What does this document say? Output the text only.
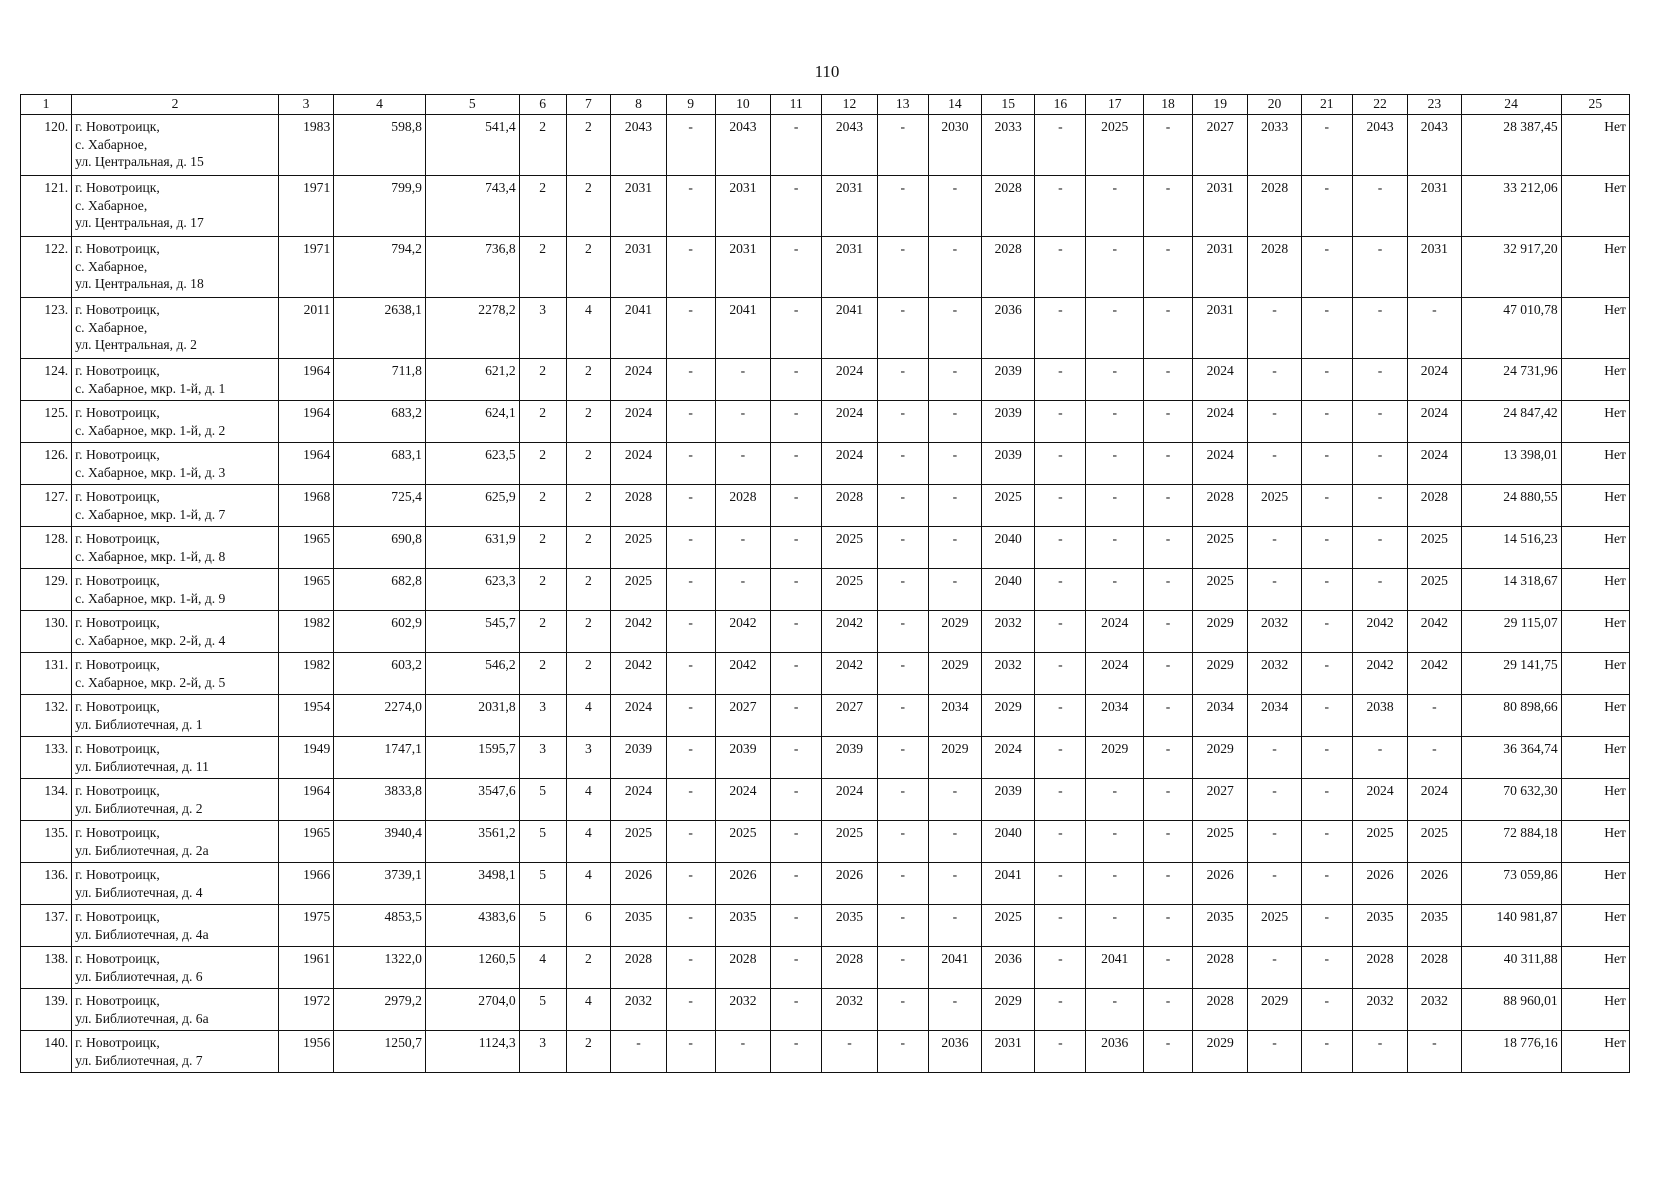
110
1	2	3	4	5	6	7	8	9	10	11	12	13	14	15	16	17	18	19	20	21	22	23	24	25
120.	г. Новотроицк,
с. Хабарное,
ул. Центральная, д. 15	1983	598,8	541,4	2	2	2043	-	2043	-	2043	-	2030	2033	-	2025	-	2027	2033	-	2043	2043	28 387,45	Нет
121.	г. Новотроицк,
с. Хабарное,
ул. Центральная, д. 17	1971	799,9	743,4	2	2	2031	-	2031	-	2031	-	-	2028	-	-	-	2031	2028	-	-	2031	33 212,06	Нет
122.	г. Новотроицк,
с. Хабарное,
ул. Центральная, д. 18	1971	794,2	736,8	2	2	2031	-	2031	-	2031	-	-	2028	-	-	-	2031	2028	-	-	2031	32 917,20	Нет
123.	г. Новотроицк,
с. Хабарное,
ул. Центральная, д. 2	2011	2638,1	2278,2	3	4	2041	-	2041	-	2041	-	-	2036	-	-	-	2031	-	-	-	-	47 010,78	Нет
124.	г. Новотроицк,
с. Хабарное, мкр. 1-й, д. 1	1964	711,8	621,2	2	2	2024	-	-	-	2024	-	-	2039	-	-	-	2024	-	-	-	2024	24 731,96	Нет
125.	г. Новотроицк,
с. Хабарное, мкр. 1-й, д. 2	1964	683,2	624,1	2	2	2024	-	-	-	2024	-	-	2039	-	-	-	2024	-	-	-	2024	24 847,42	Нет
126.	г. Новотроицк,
с. Хабарное, мкр. 1-й, д. 3	1964	683,1	623,5	2	2	2024	-	-	-	2024	-	-	2039	-	-	-	2024	-	-	-	2024	13 398,01	Нет
127.	г. Новотроицк,
с. Хабарное, мкр. 1-й, д. 7	1968	725,4	625,9	2	2	2028	-	2028	-	2028	-	-	2025	-	-	-	2028	2025	-	-	2028	24 880,55	Нет
128.	г. Новотроицк,
с. Хабарное, мкр. 1-й, д. 8	1965	690,8	631,9	2	2	2025	-	-	-	2025	-	-	2040	-	-	-	2025	-	-	-	2025	14 516,23	Нет
129.	г. Новотроицк,
с. Хабарное, мкр. 1-й, д. 9	1965	682,8	623,3	2	2	2025	-	-	-	2025	-	-	2040	-	-	-	2025	-	-	-	2025	14 318,67	Нет
130.	г. Новотроицк,
с. Хабарное, мкр. 2-й, д. 4	1982	602,9	545,7	2	2	2042	-	2042	-	2042	-	2029	2032	-	2024	-	2029	2032	-	2042	2042	29 115,07	Нет
131.	г. Новотроицк,
с. Хабарное, мкр. 2-й, д. 5	1982	603,2	546,2	2	2	2042	-	2042	-	2042	-	2029	2032	-	2024	-	2029	2032	-	2042	2042	29 141,75	Нет
132.	г. Новотроицк,
ул. Библиотечная, д. 1	1954	2274,0	2031,8	3	4	2024	-	2027	-	2027	-	2034	2029	-	2034	-	2034	2034	-	2038	-	80 898,66	Нет
133.	г. Новотроицк,
ул. Библиотечная, д. 11	1949	1747,1	1595,7	3	3	2039	-	2039	-	2039	-	2029	2024	-	2029	-	2029	-	-	-	-	36 364,74	Нет
134.	г. Новотроицк,
ул. Библиотечная, д. 2	1964	3833,8	3547,6	5	4	2024	-	2024	-	2024	-	-	2039	-	-	-	2027	-	-	2024	2024	70 632,30	Нет
135.	г. Новотроицк,
ул. Библиотечная, д. 2а	1965	3940,4	3561,2	5	4	2025	-	2025	-	2025	-	-	2040	-	-	-	2025	-	-	2025	2025	72 884,18	Нет
136.	г. Новотроицк,
ул. Библиотечная, д. 4	1966	3739,1	3498,1	5	4	2026	-	2026	-	2026	-	-	2041	-	-	-	2026	-	-	2026	2026	73 059,86	Нет
137.	г. Новотроицк,
ул. Библиотечная, д. 4а	1975	4853,5	4383,6	5	6	2035	-	2035	-	2035	-	-	2025	-	-	-	2035	2025	-	2035	2035	140 981,87	Нет
138.	г. Новотроицк,
ул. Библиотечная, д. 6	1961	1322,0	1260,5	4	2	2028	-	2028	-	2028	-	2041	2036	-	2041	-	2028	-	-	2028	2028	40 311,88	Нет
139.	г. Новотроицк,
ул. Библиотечная, д. 6а	1972	2979,2	2704,0	5	4	2032	-	2032	-	2032	-	-	2029	-	-	-	2028	2029	-	2032	2032	88 960,01	Нет
140.	г. Новотроицк,
ул. Библиотечная, д. 7	1956	1250,7	1124,3	3	2	-	-	-	-	-	-	2036	2031	-	2036	-	2029	-	-	-	-	18 776,16	Нет
